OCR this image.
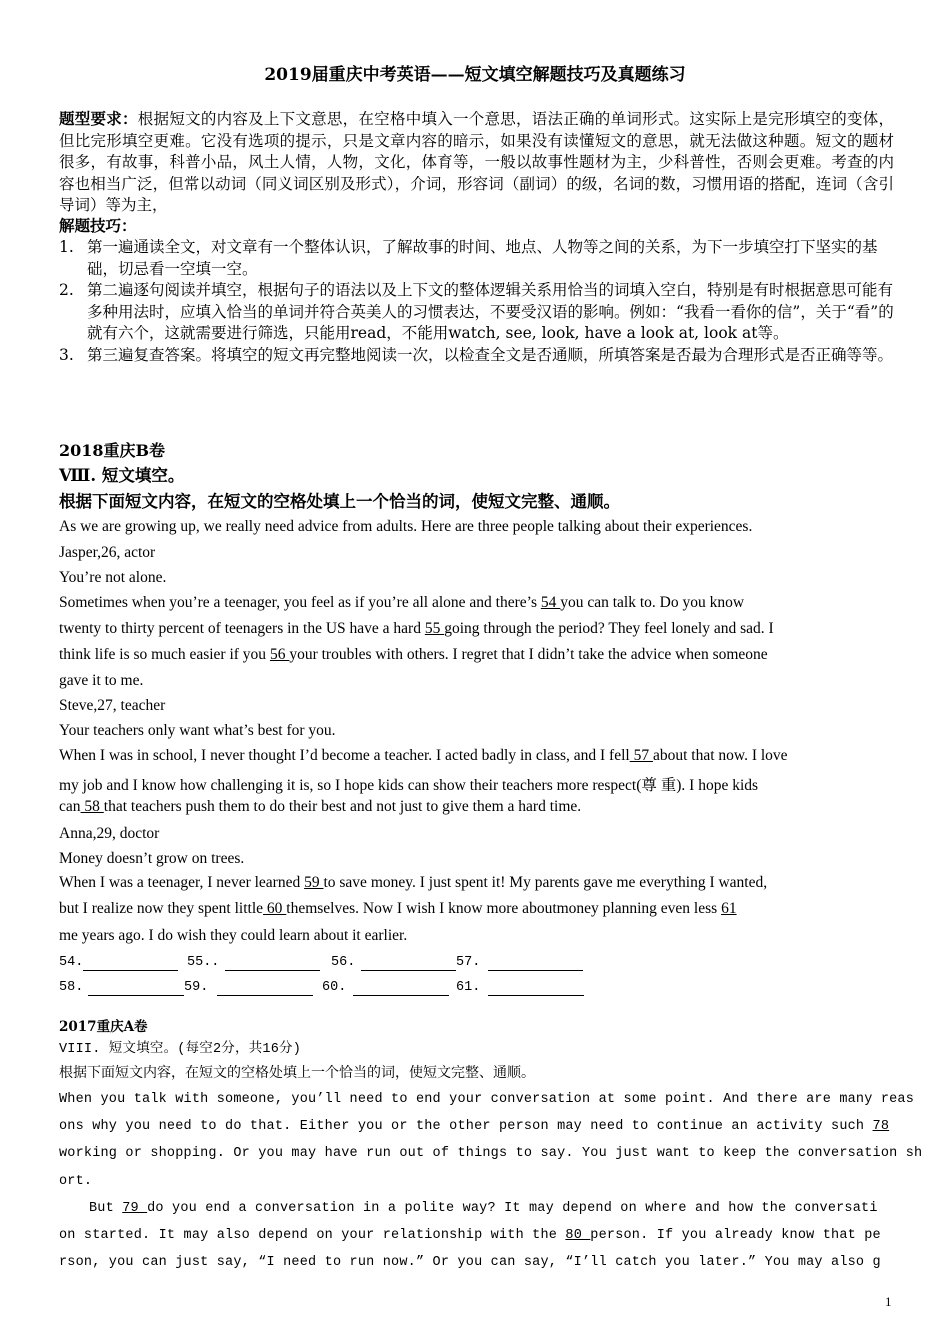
2019届重庆中考英语——短文填空解题技巧及真题练习
题型要求：根据短文的内容及上下文意思，在空格中填入一个意思，语法正确的单词形式。这实际上是完形填空的变体，但比完形填空更难。它没有选项的提示，只是文章内容的暗示，如果没有读懂短文的意思，就无法做这种题。短文的题材很多，有故事，科普小品，风土人情，人物，文化，体育等，一般以故事性题材为主，少科普性，否则会更难。考查的内容也相当广泛，但常以动词（同义词区别及形式），介词，形容词（副词）的级，名词的数，习惯用语的搭配，连词（含引导词）等为主，
解题技巧：
1. 第一遍通读全文，对文章有一个整体认识，了解故事的时间、地点、人物等之间的关系，为下一步填空打下坚实的基础，切忌看一空填一空。
2. 第二遍逐句阅读并填空，根据句子的语法以及上下文的整体逻辑关系用恰当的词填入空白，特别是有时根据意思可能有多种用法时，应填入恰当的单词并符合英美人的习惯表达，不要受汉语的影响。例如：“我看一看你的信”，关于“看”的就有六个，这就需要进行筛选，只能用read，不能用watch, see, look, have a look at, look at等。
3. 第三遍复查答案。将填空的短文再完整地阅读一次，以检查全文是否通顺，所填答案是否最为合理形式是否正确等等。
2018重庆B卷
Ⅷ. 短文填空。
根据下面短文内容，在短文的空格处填上一个恰当的词，使短文完整、通顺。
As we are growing up, we really need advice from adults. Here are three people talking about their experiences.
Jasper,26, actor
You’re not alone.
Sometimes when you’re a teenager, you feel as if you’re all alone and there’s 54 you can talk to. Do you know
twenty to thirty percent of teenagers in the US have a hard 55 going through the period? They feel lonely and sad. I
think life is so much easier if you 56 your troubles with others. I regret that I didn’t take the advice when someone
gave it to me.
Steve,27, teacher
Your teachers only want what’s best for you.
When I was in school, I never thought I’d become a teacher. I acted badly in class, and I fell 57 about that now. I love
my job and I know how challenging it is, so I hope kids can show their teachers more respect(尊 重). I hope kids
can 58 that teachers push them to do their best and not just to give them a hard time.
Anna,29, doctor
Money doesn’t grow on trees.
When I was a teenager, I never learned 59 to save money. I just spent it! My parents gave me everything I wanted,
but I realize now they spent little 60 themselves. Now I wish I know more aboutmoney planning even less 61
me years ago. I do wish they could learn about it earlier.
54.	55..	56.	57.
58.	59.	60.	61.
2017重庆A卷
VIII. 短文填空。(每空2分，共16分)
根据下面短文内容，在短文的空格处填上一个恰当的词，使短文完整、通顺。
When you talk with someone, you’ll need to end your conversation at some point. And there are many reas
ons why you need to do that. Either you or the other person may need to continue an activity such 78
working or shopping. Or you may have run out of things to say. You just want to keep the conversation sh
ort.
But 79 do you end a conversation in a polite way? It may depend on where and how the conversati
on started. It may also depend on your relationship with the 80 person. If you already know that pe
rson, you can just say, “I need to run now.” Or you can say, “I’ll catch you later.” You may also g
1
